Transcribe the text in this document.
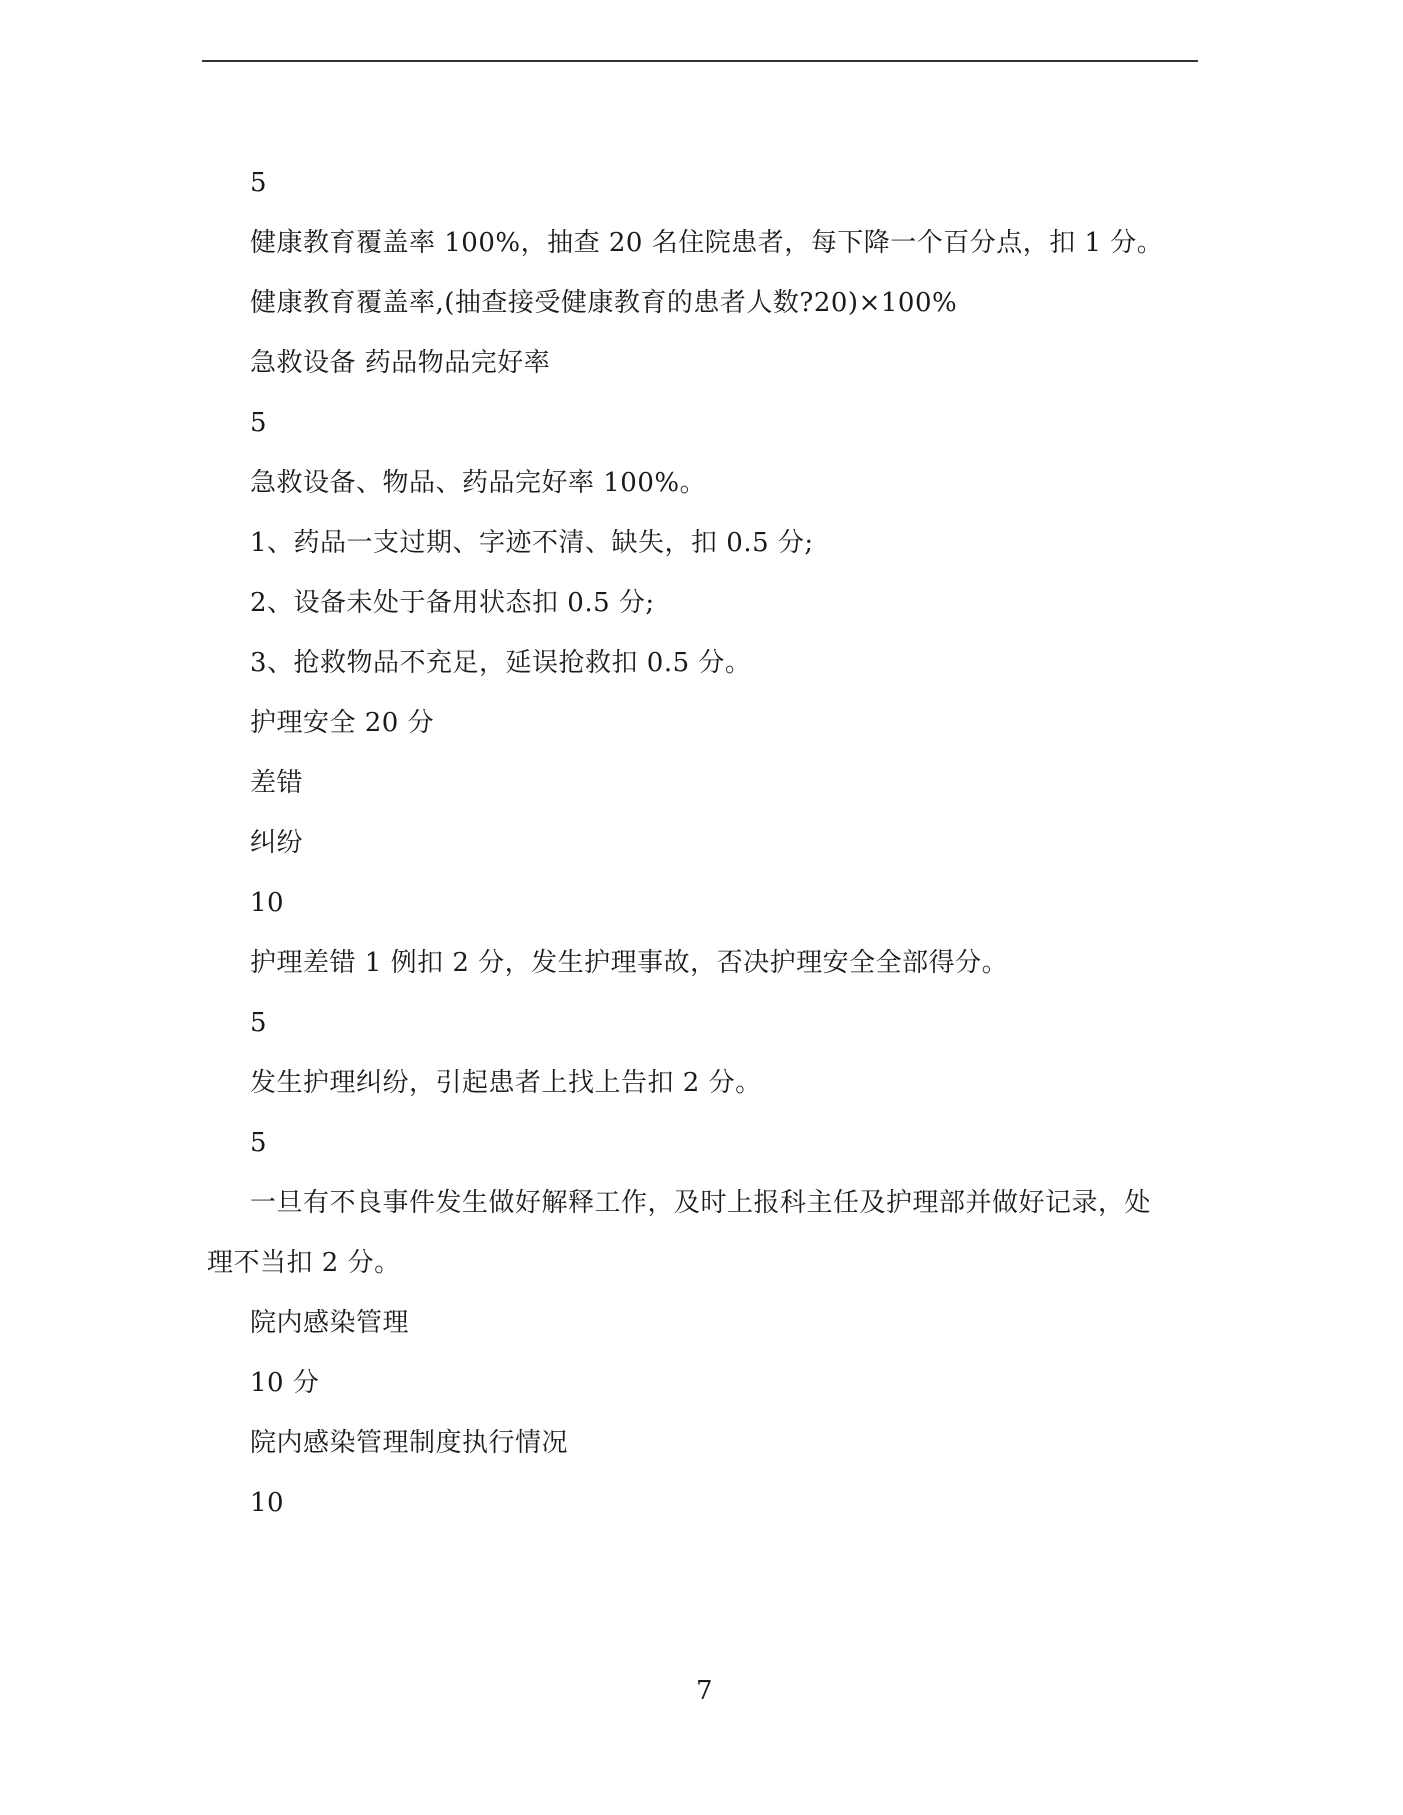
5
健康教育覆盖率 100%，抽查 20 名住院患者，每下降一个百分点，扣 1 分。
健康教育覆盖率,(抽查接受健康教育的患者人数?20)×100%
急救设备 药品物品完好率
5
急救设备、物品、药品完好率 100%。
1、药品一支过期、字迹不清、缺失，扣 0.5 分;
2、设备未处于备用状态扣 0.5 分;
3、抢救物品不充足，延误抢救扣 0.5 分。
护理安全 20 分
差错
纠纷
10
护理差错 1 例扣 2 分，发生护理事故，否决护理安全全部得分。
5
发生护理纠纷，引起患者上找上告扣 2 分。
5
一旦有不良事件发生做好解释工作，及时上报科主任及护理部并做好记录，处
理不当扣 2 分。
院内感染管理
10 分
院内感染管理制度执行情况
10
7
